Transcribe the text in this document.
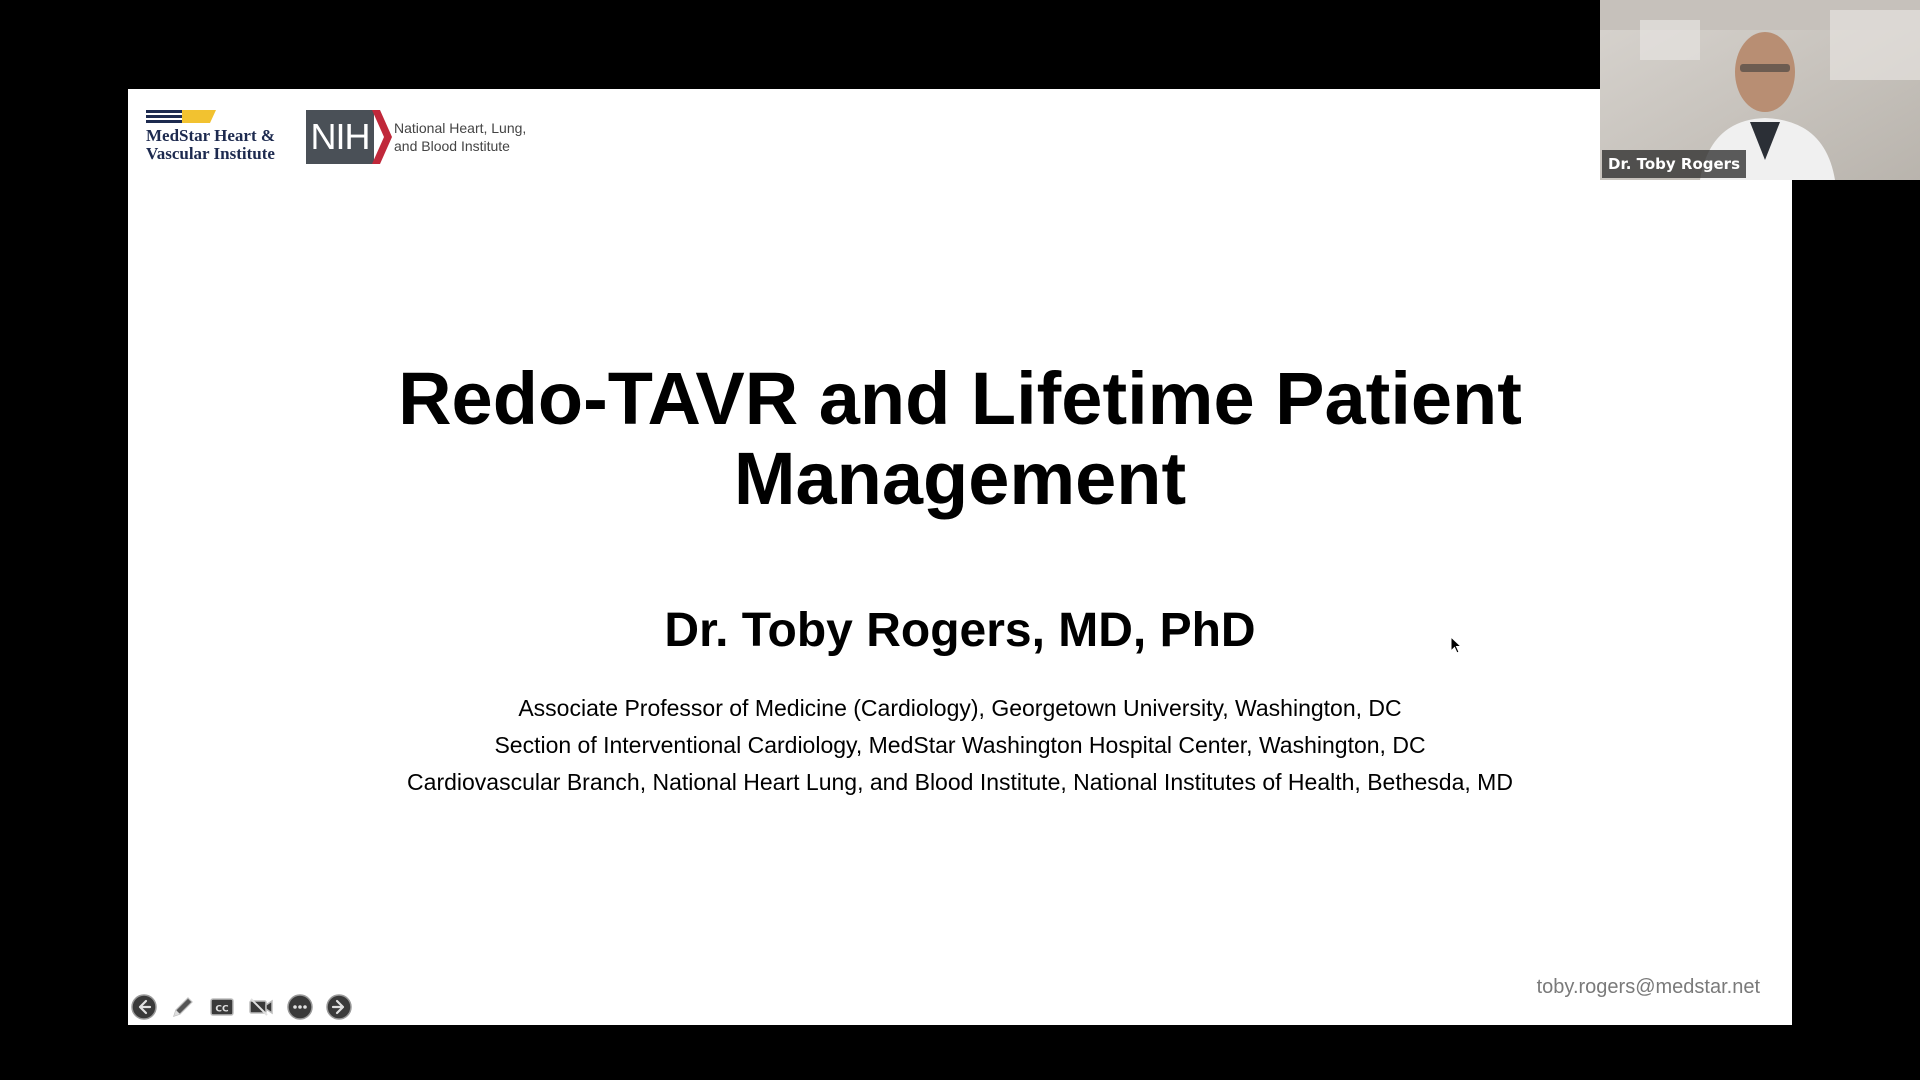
MedStar Heart &
Vascular Institute NIH	National Heart, Lung,
and Blood Institute
Redo-TAVR and Lifetime Patient
Management
Dr. Toby Rogers, MD, PhD
Associate Professor of Medicine (Cardiology), Georgetown University, Washington, DC
Section of Interventional Cardiology, MedStar Washington Hospital Center, Washington, DC
Cardiovascular Branch, National Heart Lung, and Blood Institute, National Institutes of Health, Bethesda, MD
toby.rogers@medstar.net
CC
Dr. Toby Rogers
